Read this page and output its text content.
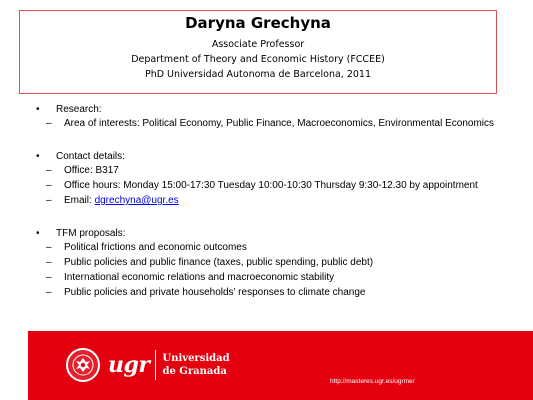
Daryna Grechyna
Associate Professor
Department of Theory and Economic History (FCCEE)
PhD Universidad Autonoma de Barcelona, 2011
• Research:
– Area of interests: Political Economy, Public Finance, Macroeconomics, Environmental Economics
• Contact details:
– Office: B317
– Office hours: Monday 15:00-17:30 Tuesday 10:00-10:30 Thursday 9:30-12.30 by appointment
– Email: dgrechyna@ugr.es
• TFM proposals:
– Political frictions and economic outcomes
– Public policies and public finance (taxes, public spending, public debt)
– International economic relations and macroeconomic stability
– Public policies and private households’ responses to climate change
ugr Universidad
de Granada
http://masteres.ugr.es/ugrme/
